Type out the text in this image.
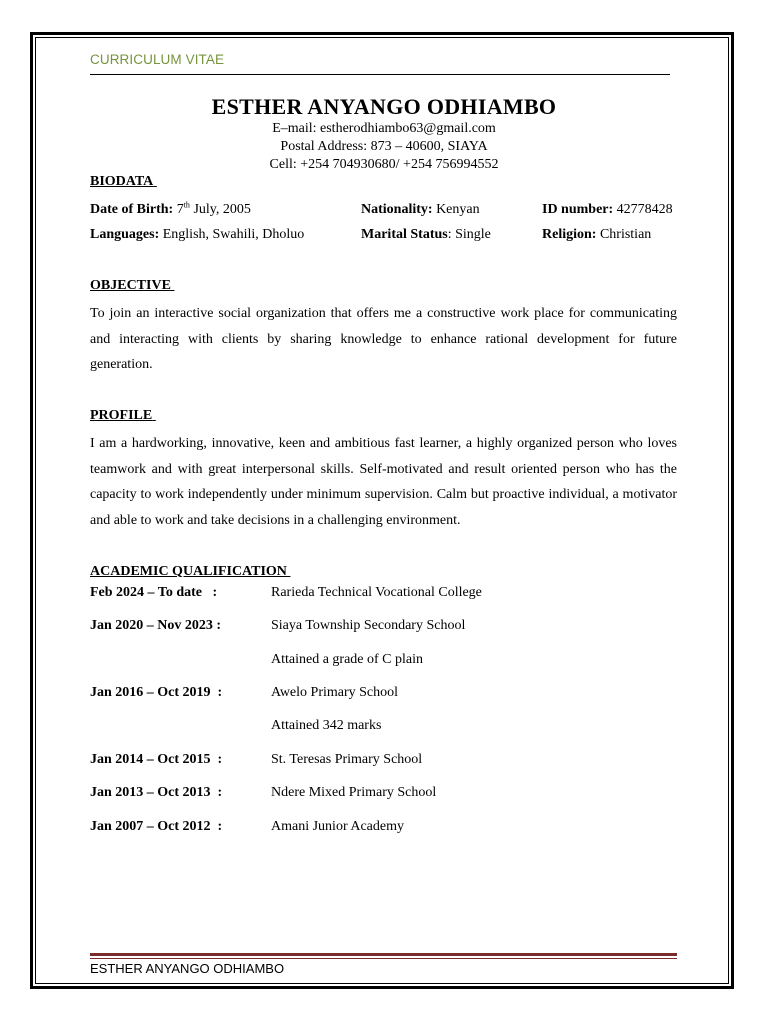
CURRICULUM VITAE
ESTHER ANYANGO ODHIAMBO
E–mail: estherodhiambo63@gmail.com
Postal Address: 873 – 40600, SIAYA
Cell: +254 704930680/ +254 756994552
BIODATA
Date of Birth: 7th July, 2005	Nationality: Kenyan	ID number: 42778428
Languages: English, Swahili, Dholuo	Marital Status: Single	Religion: Christian
OBJECTIVE
To join an interactive social organization that offers me a constructive work place for communicating and interacting with clients by sharing knowledge to enhance rational development for future generation.
PROFILE
I am a hardworking, innovative, keen and ambitious fast learner, a highly organized person who loves teamwork and with great interpersonal skills. Self-motivated and result oriented person who has the capacity to work independently under minimum supervision. Calm but proactive individual, a motivator and able to work and take decisions in a challenging environment.
ACADEMIC QUALIFICATION
Feb 2024 – To date   :	Rarieda Technical Vocational College
Jan 2020 – Nov 2023 :	Siaya Township Secondary School
Attained a grade of C plain
Jan 2016 – Oct 2019  :	Awelo Primary School
Attained 342 marks
Jan 2014 – Oct 2015  :	St. Teresas Primary School
Jan 2013 – Oct 2013  :	Ndere Mixed Primary School
Jan 2007 – Oct 2012  :	Amani Junior Academy
ESTHER ANYANGO ODHIAMBO
